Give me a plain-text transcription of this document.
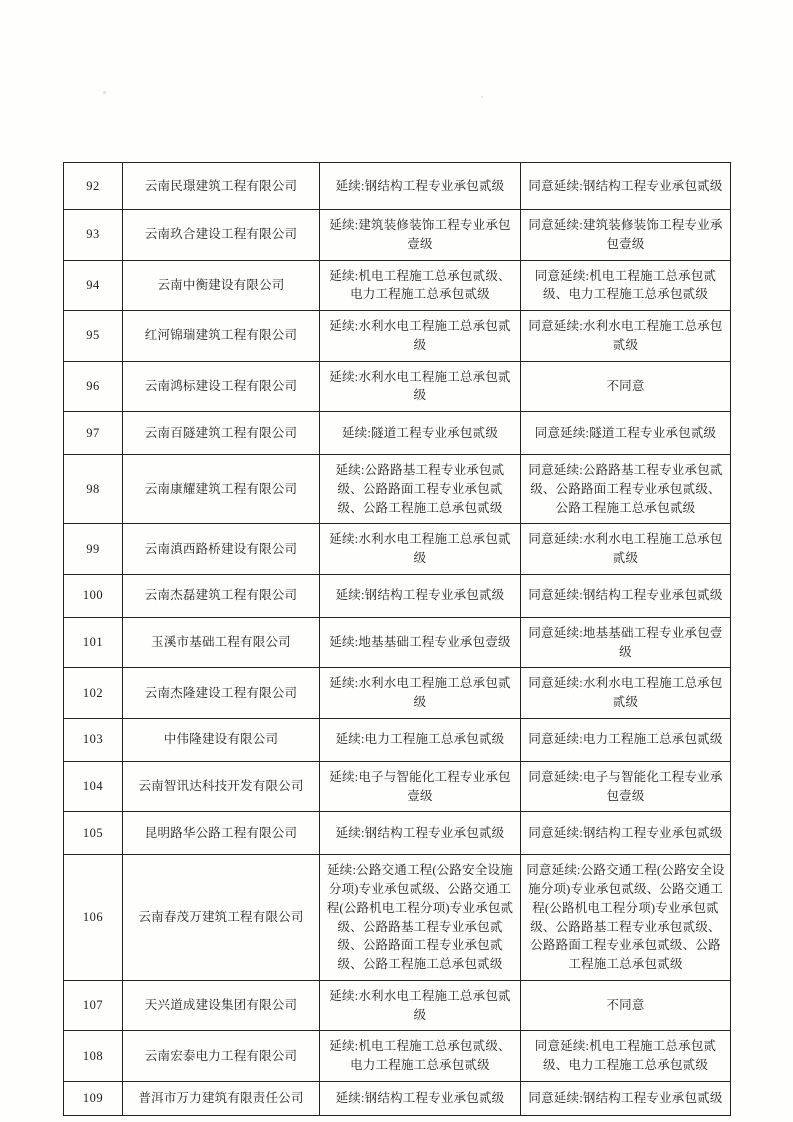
92	云南民璟建筑工程有限公司	延续:钢结构工程专业承包贰级	同意延续:钢结构工程专业承包贰级
93	云南玖合建设工程有限公司	延续:建筑装修装饰工程专业承包壹级	同意延续:建筑装修装饰工程专业承包壹级
94	云南中衡建设有限公司	延续:机电工程施工总承包贰级、电力工程施工总承包贰级	同意延续:机电工程施工总承包贰级、电力工程施工总承包贰级
95	红河锦瑞建筑工程有限公司	延续:水利水电工程施工总承包贰级	同意延续:水利水电工程施工总承包贰级
96	云南鸿标建设工程有限公司	延续:水利水电工程施工总承包贰级	不同意
97	云南百隧建筑工程有限公司	延续:隧道工程专业承包贰级	同意延续:隧道工程专业承包贰级
98	云南康耀建筑工程有限公司	延续:公路路基工程专业承包贰级、公路路面工程专业承包贰级、公路工程施工总承包贰级	同意延续:公路路基工程专业承包贰级、公路路面工程专业承包贰级、公路工程施工总承包贰级
99	云南滇西路桥建设有限公司	延续:水利水电工程施工总承包贰级	同意延续:水利水电工程施工总承包贰级
100	云南杰磊建筑工程有限公司	延续:钢结构工程专业承包贰级	同意延续:钢结构工程专业承包贰级
101	玉溪市基础工程有限公司	延续:地基基础工程专业承包壹级	同意延续:地基基础工程专业承包壹级
102	云南杰隆建设工程有限公司	延续:水利水电工程施工总承包贰级	同意延续:水利水电工程施工总承包贰级
103	中伟隆建设有限公司	延续:电力工程施工总承包贰级	同意延续:电力工程施工总承包贰级
104	云南智讯达科技开发有限公司	延续:电子与智能化工程专业承包壹级	同意延续:电子与智能化工程专业承包壹级
105	昆明路华公路工程有限公司	延续:钢结构工程专业承包贰级	同意延续:钢结构工程专业承包贰级
106	云南春茂万建筑工程有限公司	延续:公路交通工程(公路安全设施分项)专业承包贰级、公路交通工程(公路机电工程分项)专业承包贰级、公路路基工程专业承包贰级、公路路面工程专业承包贰级、公路工程施工总承包贰级	同意延续:公路交通工程(公路安全设施分项)专业承包贰级、公路交通工程(公路机电工程分项)专业承包贰级、公路路基工程专业承包贰级、公路路面工程专业承包贰级、公路工程施工总承包贰级
107	天兴道成建设集团有限公司	延续:水利水电工程施工总承包贰级	不同意
108	云南宏泰电力工程有限公司	延续:机电工程施工总承包贰级、电力工程施工总承包贰级	同意延续:机电工程施工总承包贰级、电力工程施工总承包贰级
109	普洱市万力建筑有限责任公司	延续:钢结构工程专业承包贰级	同意延续:钢结构工程专业承包贰级
